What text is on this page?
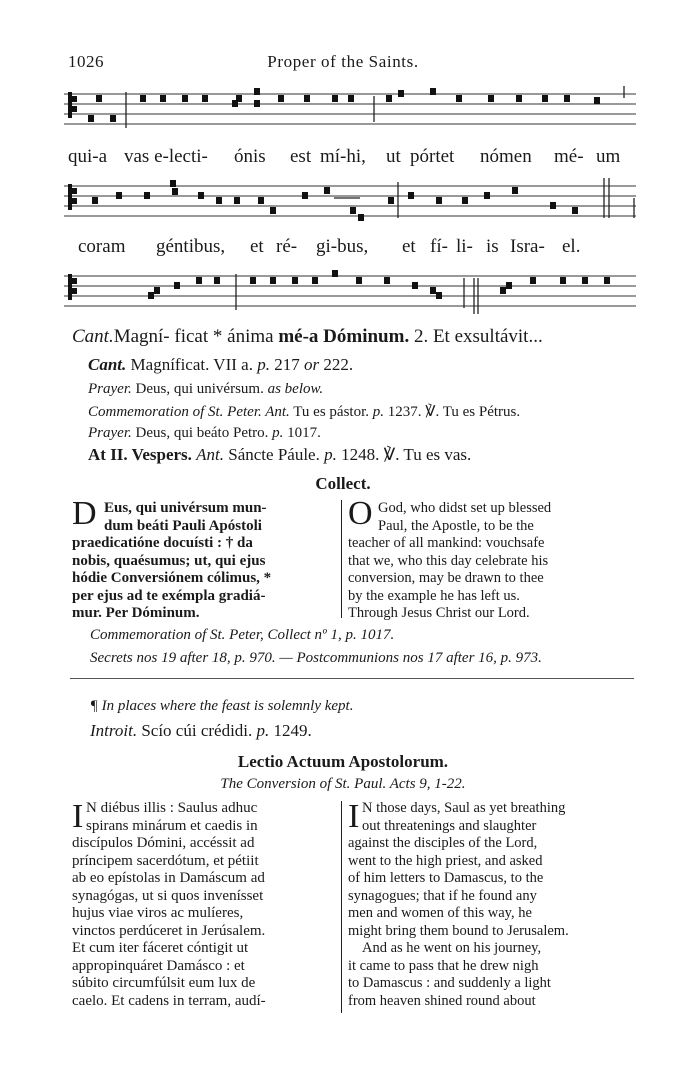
1026	Proper of the Saints.
qui-a vas e-lecti- ónis est mí-hi, ut pórtet nómen mé- um
coram géntibus, et ré- gi-bus, et fí- li- is Isra- el.
Cant.Magní- ficat * ánima mé-a Dóminum. 2. Et exsultávit...
Cant. Magníficat. VII a. p. 217 or 222.
Prayer. Deus, qui univérsum. as below.
Commemoration of St. Peter. Ant. Tu es pástor. p. 1237. ℣. Tu es Pétrus.
Prayer. Deus, qui beáto Petro. p. 1017.
At II. Vespers. Ant. Sáncte Páule. p. 1248. ℣. Tu es vas.
Collect.
D Eus, qui univérsum mun-
dum beáti Pauli Apóstoli
praedicatióne docuísti : † da
nobis, quaésumus; ut, qui ejus
hódie Conversiónem cólimus, *
per ejus ad te exémpla gradiá-
mur. Per Dóminum.
O God, who didst set up blessed
Paul, the Apostle, to be the
teacher of all mankind: vouchsafe
that we, who this day celebrate his
conversion, may be drawn to thee
by the example he has left us.
Through Jesus Christ our Lord.
Commemoration of St. Peter, Collect nº 1, p. 1017.
Secrets nos 19 after 18, p. 970. — Postcommunions nos 17 after 16, p. 973.
¶ In places where the feast is solemnly kept.
Introit. Scío cúi crédidi. p. 1249.
Lectio Actuum Apostolorum.
The Conversion of St. Paul. Acts 9, 1-22.
I N diébus illis : Saulus adhuc
spirans minárum et caedis in
discípulos Dómini, accéssit ad
príncipem sacerdótum, et pétiit
ab eo epístolas in Damáscum ad
synagógas, ut si quos invenísset
hujus viae viros ac mulíeres,
vinctos perdúceret in Jerúsalem.
Et cum iter fáceret cóntigit ut
appropinquáret Damásco : et
súbito circumfúlsit eum lux de
caelo. Et cadens in terram, audí-
I N those days, Saul as yet breathing
out threatenings and slaughter
against the disciples of the Lord,
went to the high priest, and asked
of him letters to Damascus, to the
synagogues; that if he found any
men and women of this way, he
might bring them bound to Jerusalem.
And as he went on his journey,
it came to pass that he drew nigh
to Damascus : and suddenly a light
from heaven shined round about
